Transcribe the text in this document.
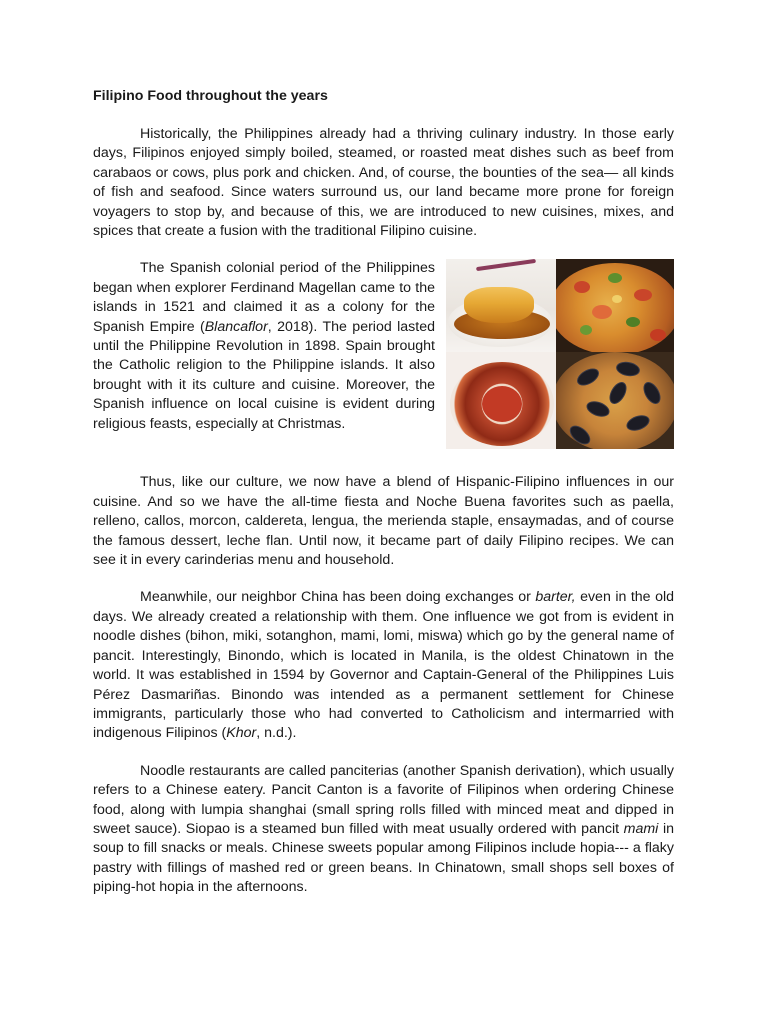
Filipino Food throughout the years

Historically, the Philippines already had a thriving culinary industry. In those early days, Filipinos enjoyed simply boiled, steamed, or roasted meat dishes such as beef from carabaos or cows, plus pork and chicken. And, of course, the bounties of the sea— all kinds of fish and seafood. Since waters surround us, our land became more prone for foreign voyagers to stop by, and because of this, we are introduced to new cuisines, mixes, and spices that create a fusion with the traditional Filipino cuisine.

The Spanish colonial period of the Philippines began when explorer Ferdinand Magellan came to the islands in 1521 and claimed it as a colony for the Spanish Empire (Blancaflor, 2018). The period lasted until the Philippine Revolution in 1898. Spain brought the Catholic religion to the Philippine islands. It also brought with it its culture and cuisine. Moreover, the Spanish influence on local cuisine is evident during religious feasts, especially at Christmas.

Thus, like our culture, we now have a blend of Hispanic-Filipino influences in our cuisine. And so we have the all-time fiesta and Noche Buena favorites such as paella, relleno, callos, morcon, caldereta, lengua, the merienda staple, ensaymadas, and of course the famous dessert, leche flan. Until now, it became part of daily Filipino recipes. We can see it in every carinderias menu and household.

Meanwhile, our neighbor China has been doing exchanges or barter, even in the old days. We already created a relationship with them. One influence we got from is evident in noodle dishes (bihon, miki, sotanghon, mami, lomi, miswa) which go by the general name of pancit. Interestingly, Binondo, which is located in Manila, is the oldest Chinatown in the world. It was established in 1594 by Governor and Captain-General of the Philippines Luis Pérez Dasmariñas. Binondo was intended as a permanent settlement for Chinese immigrants, particularly those who had converted to Catholicism and intermarried with indigenous Filipinos (Khor, n.d.).

Noodle restaurants are called panciterias (another Spanish derivation), which usually refers to a Chinese eatery. Pancit Canton is a favorite of Filipinos when ordering Chinese food, along with lumpia shanghai (small spring rolls filled with minced meat and dipped in sweet sauce). Siopao is a steamed bun filled with meat usually ordered with pancit mami in soup to fill snacks or meals. Chinese sweets popular among Filipinos include hopia--- a flaky pastry with fillings of mashed red or green beans. In Chinatown, small shops sell boxes of piping-hot hopia in the afternoons.
